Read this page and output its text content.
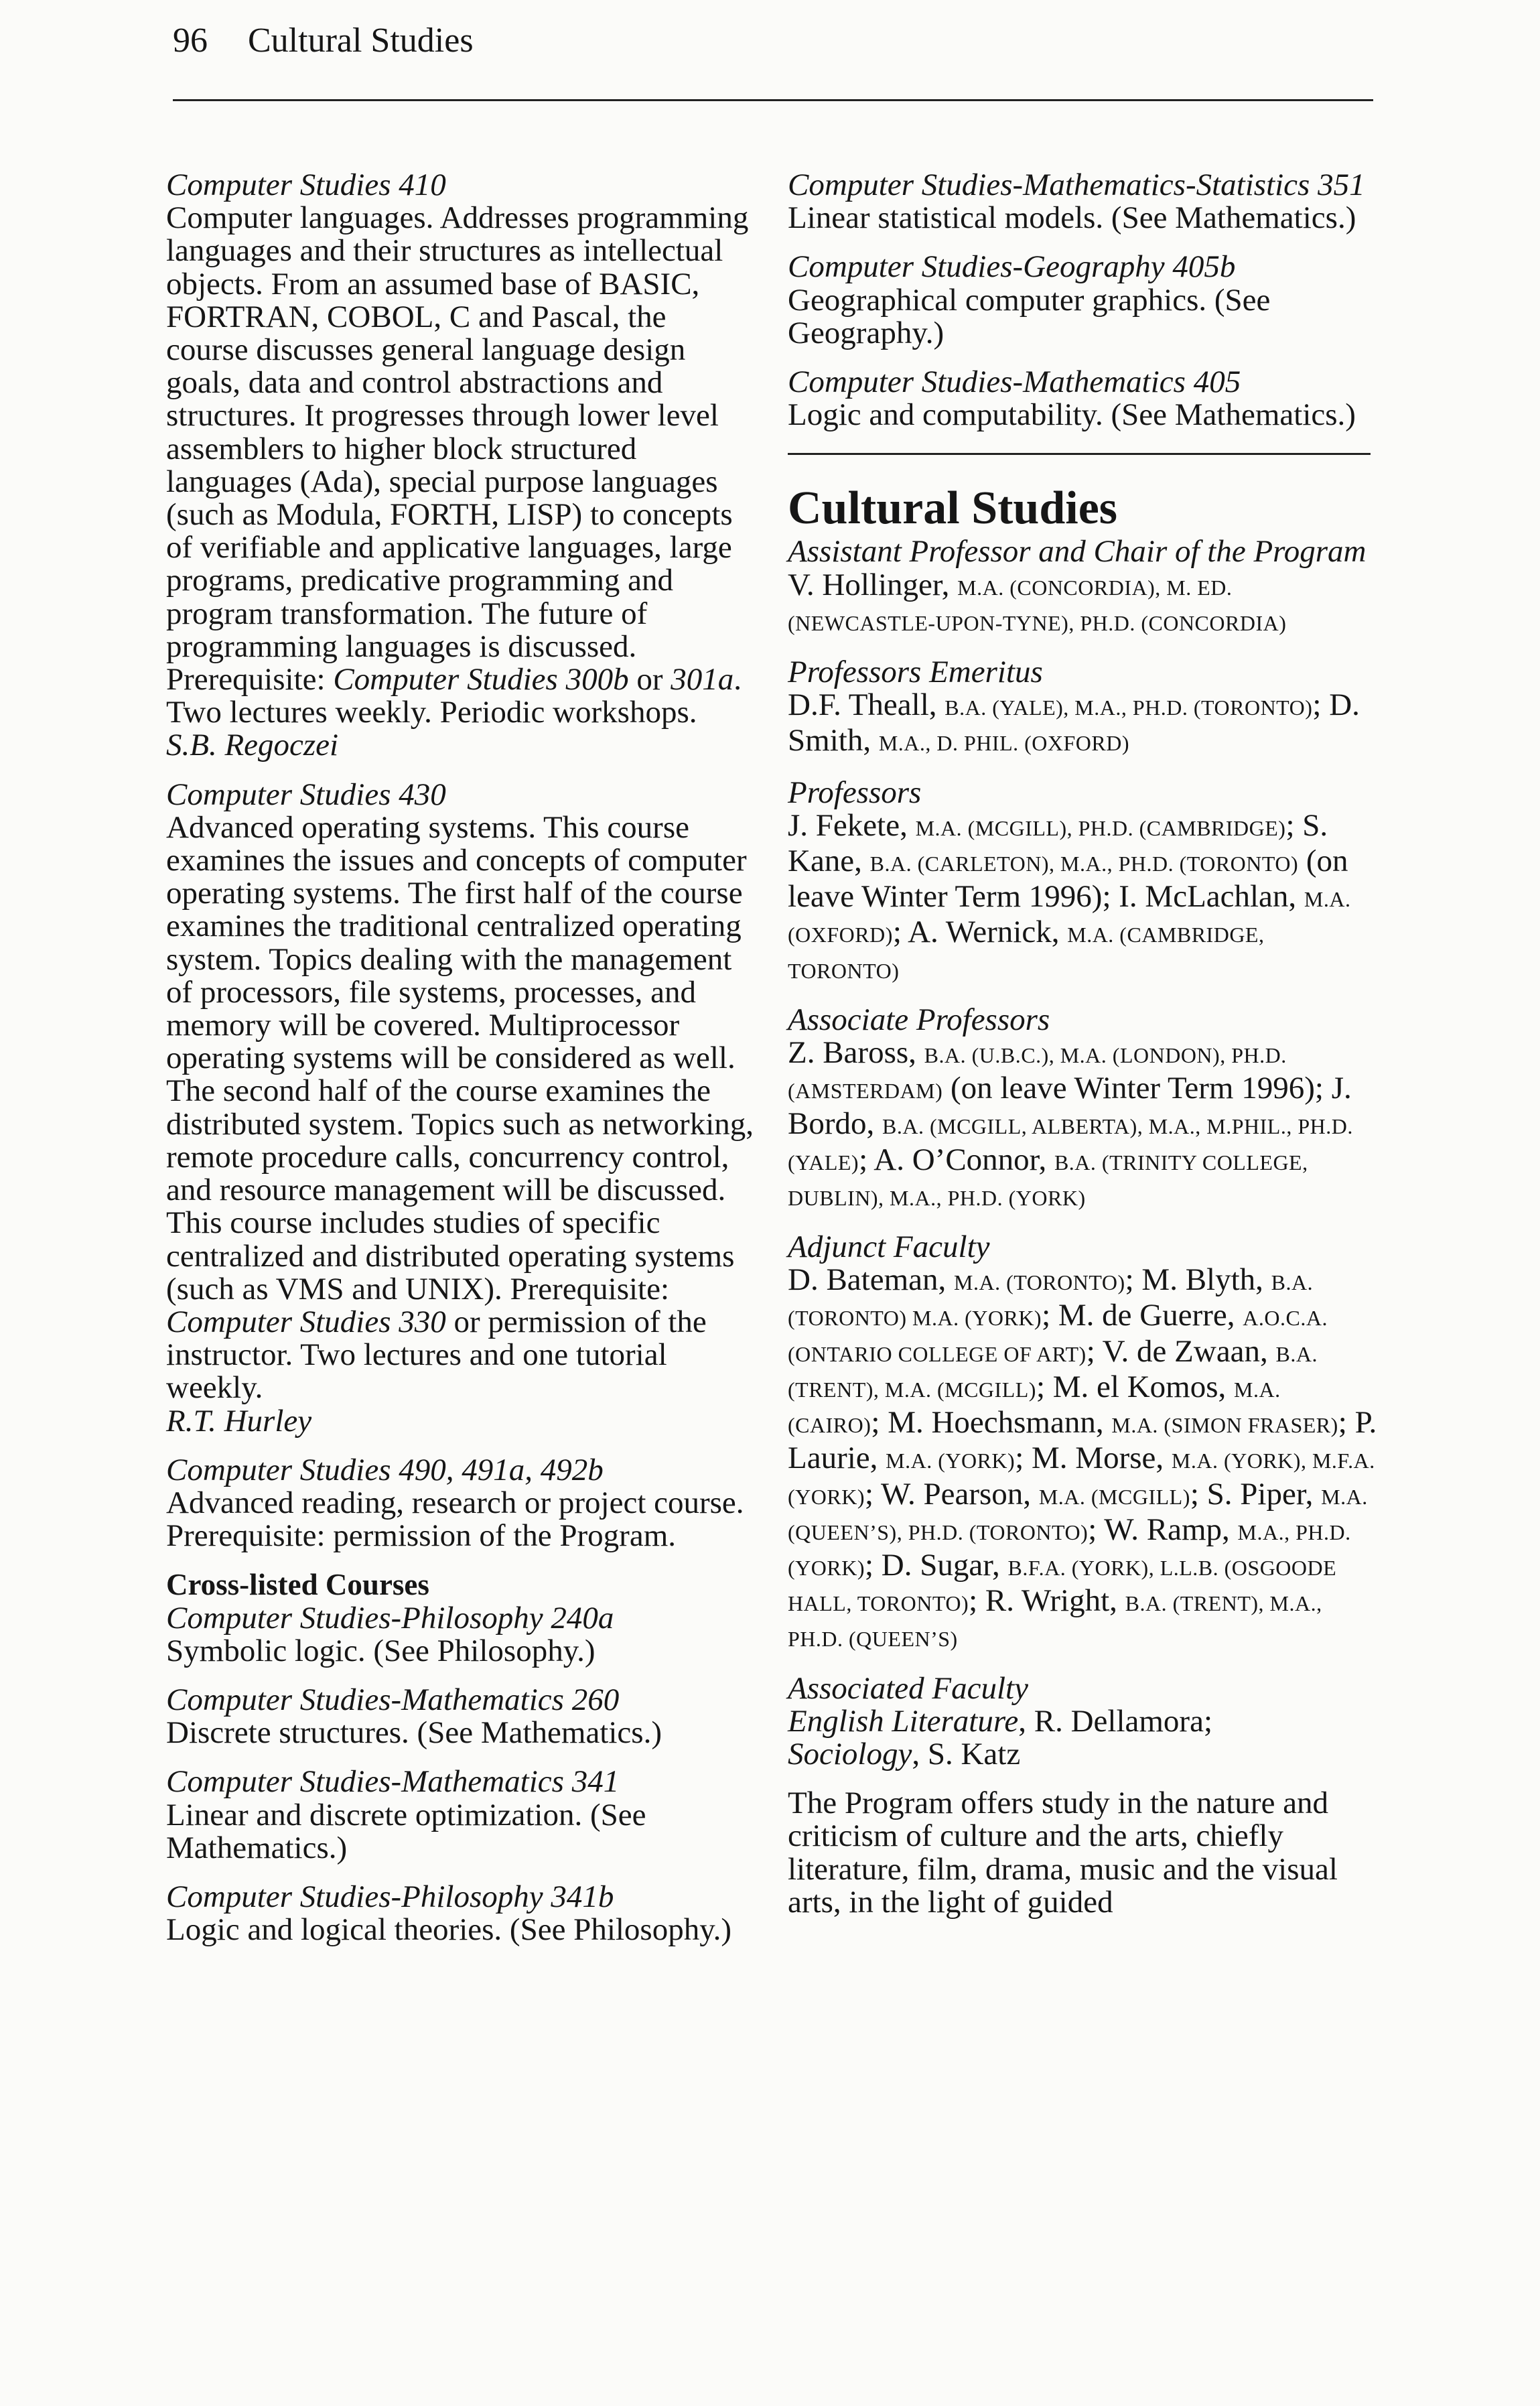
96 Cultural Studies

Computer Studies 410

Computer languages. Addresses programming languages and their structures as intellectual objects. From an assumed base of BASIC, FORTRAN, COBOL, C and Pascal, the course discusses general language design goals, data and control abstractions and structures. It progresses through lower level assemblers to higher block structured languages (Ada), special purpose languages (such as Modula, FORTH, LISP) to concepts of verifiable and applicative languages, large programs, predicative programming and program transformation. The future of programming languages is discussed. Prerequisite: Computer Studies 300b or 301a. Two lectures weekly. Periodic workshops.

S.B. Regoczei

Computer Studies 430

Advanced operating systems. This course examines the issues and concepts of computer operating systems. The first half of the course examines the traditional centralized operating system. Topics dealing with the management of processors, file systems, processes, and memory will be covered. Multiprocessor operating systems will be considered as well. The second half of the course examines the distributed system. Topics such as networking, remote procedure calls, concurrency control, and resource management will be discussed. This course includes studies of specific centralized and distributed operating systems (such as VMS and UNIX). Prerequisite: Computer Studies 330 or permission of the instructor. Two lectures and one tutorial weekly.

R.T. Hurley

Computer Studies 490, 491a, 492b

Advanced reading, research or project course. Prerequisite: permission of the Program.

Cross-listed Courses

Computer Studies-Philosophy 240a

Symbolic logic. (See Philosophy.)

Computer Studies-Mathematics 260

Discrete structures. (See Mathematics.)

Computer Studies-Mathematics 341

Linear and discrete optimization. (See Mathematics.)

Computer Studies-Philosophy 341b

Logic and logical theories. (See Philosophy.)

Computer Studies-Mathematics-Statistics 351

Linear statistical models. (See Mathematics.)

Computer Studies-Geography 405b

Geographical computer graphics. (See Geography.)

Computer Studies-Mathematics 405

Logic and computability. (See Mathematics.)

Cultural Studies

Assistant Professor and Chair of the Program

V. Hollinger, M.A. (CONCORDIA), M. ED. (NEWCASTLE-UPON-TYNE), PH.D. (CONCORDIA)

Professors Emeritus

D.F. Theall, B.A. (YALE), M.A., PH.D. (TORONTO); D. Smith, M.A., D. PHIL. (OXFORD)

Professors

J. Fekete, M.A. (MCGILL), PH.D. (CAMBRIDGE); S. Kane, B.A. (CARLETON), M.A., PH.D. (TORONTO) (on leave Winter Term 1996); I. McLachlan, M.A. (OXFORD); A. Wernick, M.A. (CAMBRIDGE, TORONTO)

Associate Professors

Z. Baross, B.A. (U.B.C.), M.A. (LONDON), PH.D. (AMSTERDAM) (on leave Winter Term 1996); J. Bordo, B.A. (MCGILL, ALBERTA), M.A., M.PHIL., PH.D. (YALE); A. O’Connor, B.A. (TRINITY COLLEGE, DUBLIN), M.A., PH.D. (YORK)

Adjunct Faculty

D. Bateman, M.A. (TORONTO); M. Blyth, B.A. (TORONTO) M.A. (YORK); M. de Guerre, A.O.C.A. (ONTARIO COLLEGE OF ART); V. de Zwaan, B.A. (TRENT), M.A. (MCGILL); M. el Komos, M.A. (CAIRO); M. Hoechsmann, M.A. (SIMON FRASER); P. Laurie, M.A. (YORK); M. Morse, M.A. (YORK), M.F.A. (YORK); W. Pearson, M.A. (MCGILL); S. Piper, M.A. (QUEEN’S), PH.D. (TORONTO); W. Ramp, M.A., PH.D. (YORK); D. Sugar, B.F.A. (YORK), L.L.B. (OSGOODE HALL, TORONTO); R. Wright, B.A. (TRENT), M.A., PH.D. (QUEEN’S)

Associated Faculty

English Literature, R. Dellamora;
Sociology, S. Katz

The Program offers study in the nature and criticism of culture and the arts, chiefly literature, film, drama, music and the visual arts, in the light of guided
